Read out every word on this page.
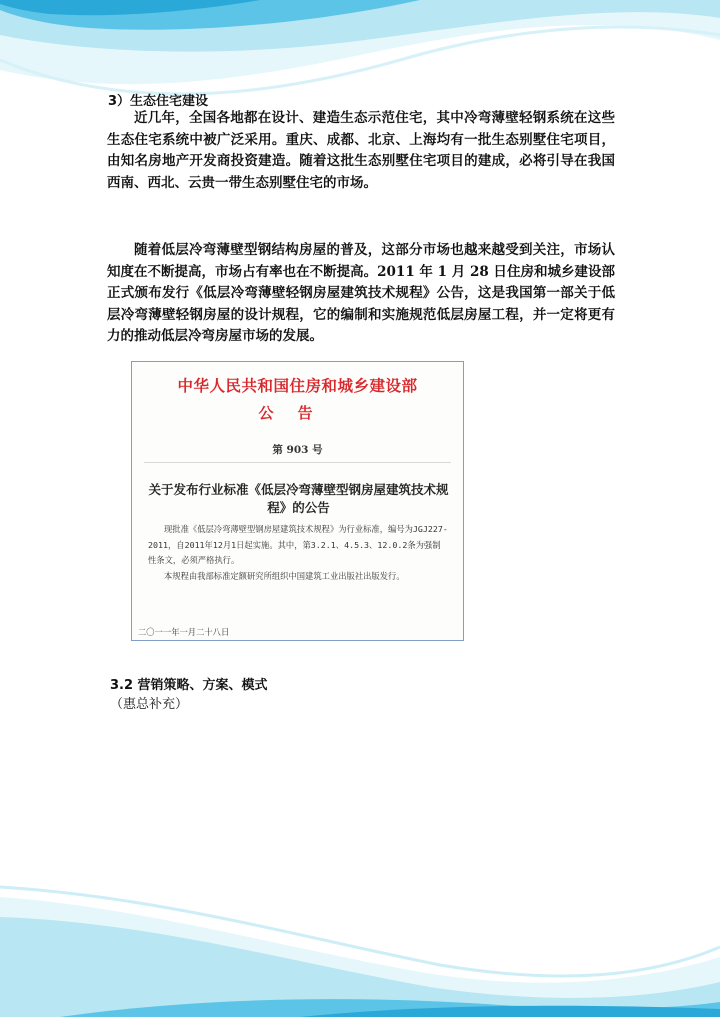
3）生态住宅建设

近几年，全国各地都在设计、建造生态示范住宅，其中冷弯薄壁轻钢系统在这些生态住宅系统中被广泛采用。重庆、成都、北京、上海均有一批生态别墅住宅项目，由知名房地产开发商投资建造。随着这批生态别墅住宅项目的建成，必将引导在我国西南、西北、云贵一带生态别墅住宅的市场。

随着低层冷弯薄壁型钢结构房屋的普及，这部分市场也越来越受到关注，市场认知度在不断提高，市场占有率也在不断提高。2011 年 1 月 28 日住房和城乡建设部正式颁布发行《低层冷弯薄壁轻钢房屋建筑技术规程》公告，这是我国第一部关于低层冷弯薄壁轻钢房屋的设计规程，它的编制和实施规范低层房屋工程，并一定将更有力的推动低层冷弯房屋市场的发展。

中华人民共和国住房和城乡建设部
公告
第 903 号
关于发布行业标准《低层冷弯薄壁型钢房屋建筑技术规程》的公告

现批准《低层冷弯薄壁型钢房屋建筑技术规程》为行业标准，编号为JGJ227-2011，自2011年12月1日起实施。其中，第3.2.1、4.5.3、12.0.2条为强制性条文，必须严格执行。

本规程由我部标准定额研究所组织中国建筑工业出版社出版发行。

二〇一一年一月二十八日
3.2 营销策略、方案、模式
（惠总补充）
